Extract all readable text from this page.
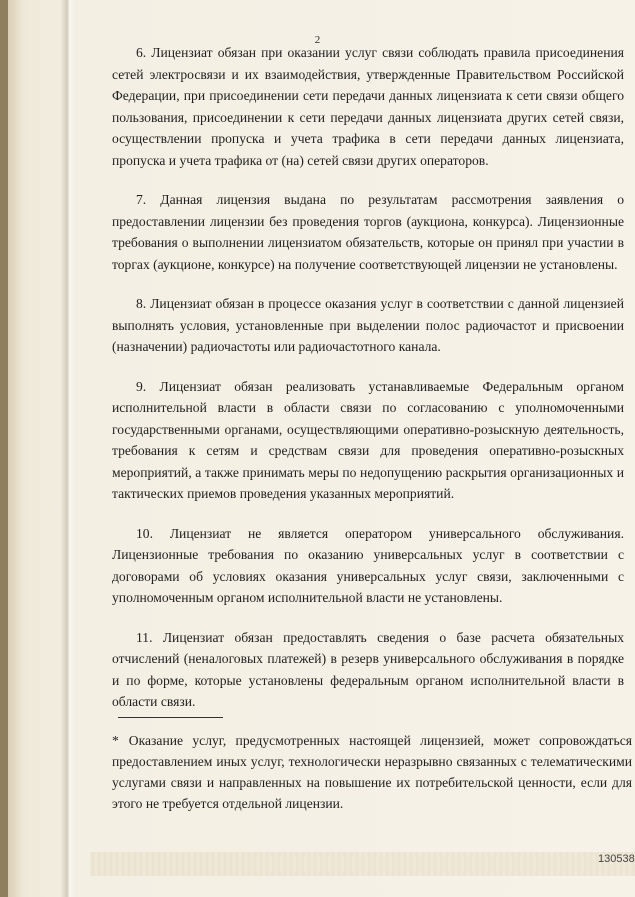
2

6. Лицензиат обязан при оказании услуг связи соблюдать правила присоединения сетей электросвязи и их взаимодействия, утвержденные Правительством Российской Федерации, при присоединении сети передачи данных лицензиата к сети связи общего пользования, присоединении к сети передачи данных лицензиата других сетей связи, осуществлении пропуска и учета трафика в сети передачи данных лицензиата, пропуска и учета трафика от (на) сетей связи других операторов.

7. Данная лицензия выдана по результатам рассмотрения заявления о предоставлении лицензии без проведения торгов (аукциона, конкурса). Лицензионные требования о выполнении лицензиатом обязательств, которые он принял при участии в торгах (аукционе, конкурсе) на получение соответствующей лицензии не установлены.

8. Лицензиат обязан в процессе оказания услуг в соответствии с данной лицензией выполнять условия, установленные при выделении полос радиочастот и присвоении (назначении) радиочастоты или радиочастотного канала.

9. Лицензиат обязан реализовать устанавливаемые Федеральным органом исполнительной власти в области связи по согласованию с уполномоченными государственными органами, осуществляющими оперативно-розыскную деятельность, требования к сетям и средствам связи для проведения оперативно-розыскных мероприятий, а также принимать меры по недопущению раскрытия организационных и тактических приемов проведения указанных мероприятий.

10. Лицензиат не является оператором универсального обслуживания. Лицензионные требования по оказанию универсальных услуг в соответствии с договорами об условиях оказания универсальных услуг связи, заключенными с уполномоченным органом исполнительной власти не установлены.

11. Лицензиат обязан предоставлять сведения о базе расчета обязательных отчислений (неналоговых платежей) в резерв универсального обслуживания в порядке и по форме, которые установлены федеральным органом исполнительной власти в области связи.

* Оказание услуг, предусмотренных настоящей лицензией, может сопровождаться предоставлением иных услуг, технологически неразрывно связанных с телематическими услугами связи и направленных на повышение их потребительской ценности, если для этого не требуется отдельной лицензии.
130538
